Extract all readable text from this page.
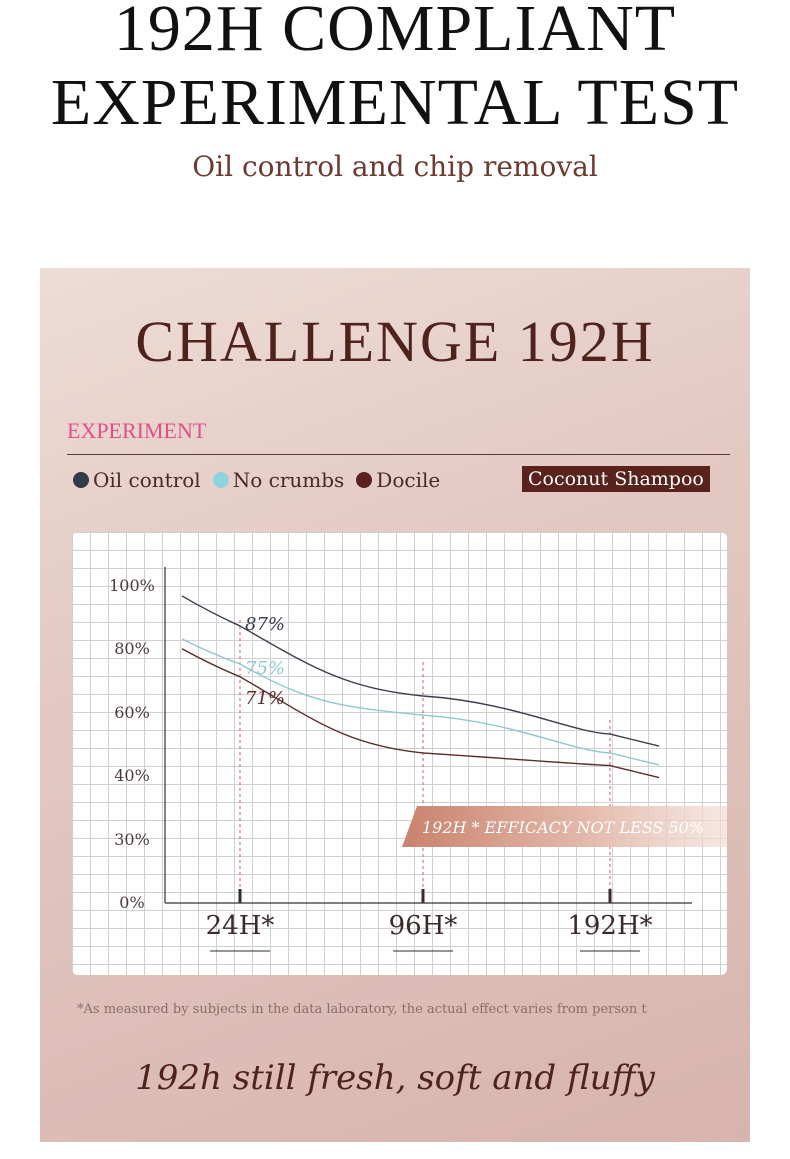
192H COMPLIANT
EXPERIMENTAL TEST
Oil control and chip removal
CHALLENGE 192H
EXPERIMENT
Oil control No crumbs Docile	Coconut Shampoo
100%
80%
60%
40%
30%
0%
24H*	96H*	192H*
87%
75%
71%
192H * EFFICACY NOT LESS 50%
*As measured by subjects in the data laboratory, the actual effect varies from person t
192h still fresh, soft and fluffy
